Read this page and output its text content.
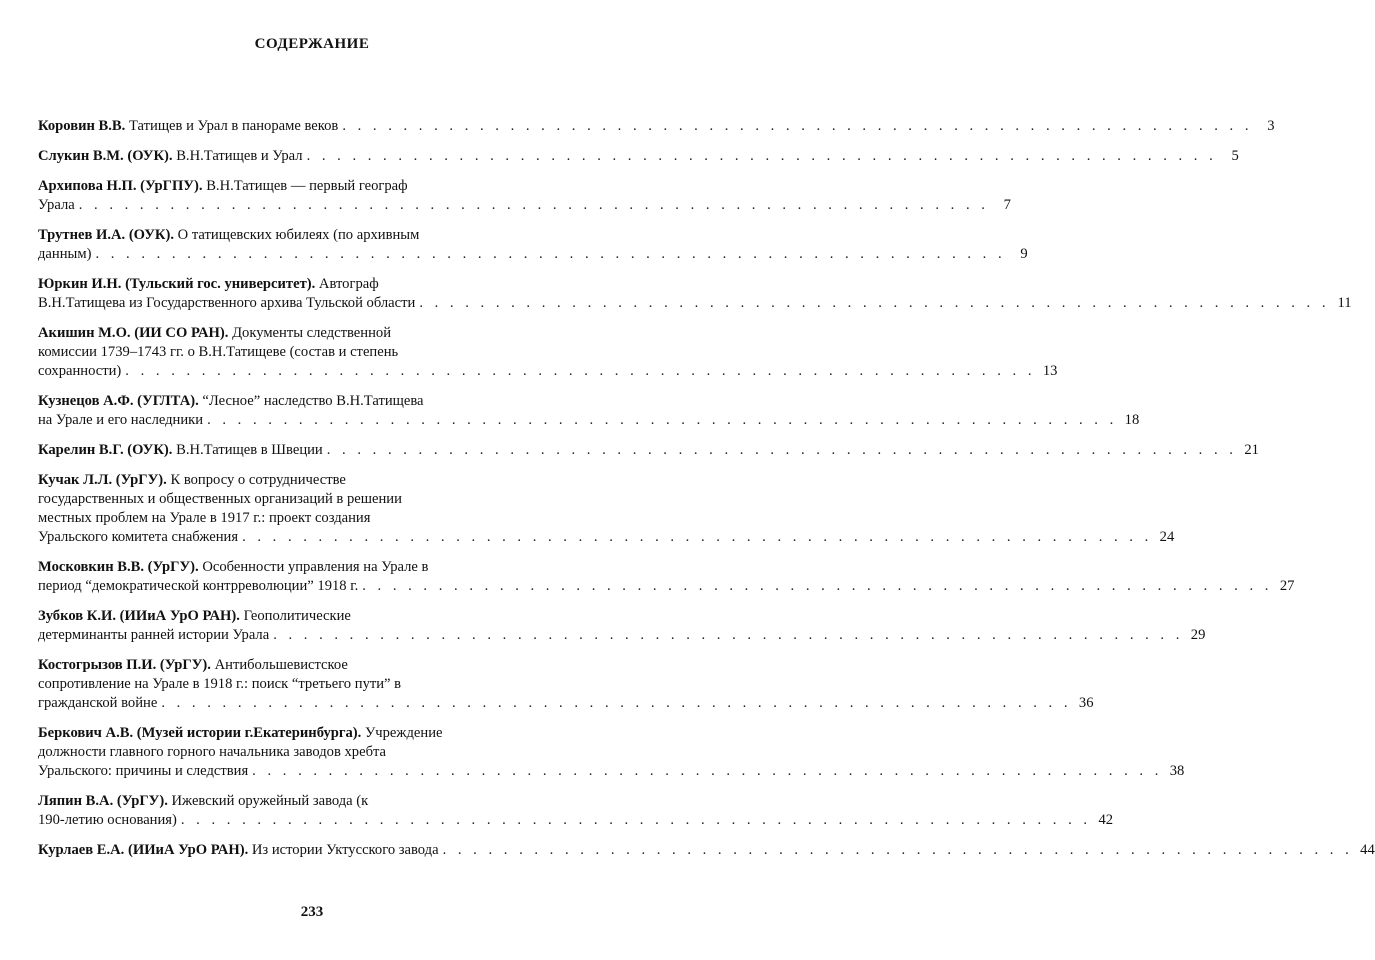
СОДЕРЖАНИЕ
Коровин В.В. Татищев и Урал в панораме веков . . . . . . . . . . . . . . . . . . . . . . . . . . . . . . . . . . . . . . . . . . . . . . . . . . . . . . . . . . . .	3
Слукин В.М. (ОУК). В.Н.Татищев и Урал . . . . . . . . . . . . . . . . . . . . . . . . . . . . . . . . . . . . . . . . . . . . . . . . . . . . . . . . . . . .	5
Архипова Н.П. (УрГПУ). В.Н.Татищев — первый географ
Урала . . . . . . . . . . . . . . . . . . . . . . . . . . . . . . . . . . . . . . . . . . . . . . . . . . . . . . . . . . . .	7
Трутнев И.А. (ОУК). О татищевских юбилеях (по архивным
данным) . . . . . . . . . . . . . . . . . . . . . . . . . . . . . . . . . . . . . . . . . . . . . . . . . . . . . . . . . . . .	9
Юркин И.Н. (Тульский гос. университет). Автограф
В.Н.Татищева из Государственного архива Тульской области . . . . . . . . . . . . . . . . . . . . . . . . . . . . . . . . . . . . . . . . . . . . . . . . . . . . . . . . . . . . 11
Акишин М.О. (ИИ СО РАН). Документы следственной
комиссии 1739–1743 гг. о В.Н.Татищеве (состав и степень
сохранности) . . . . . . . . . . . . . . . . . . . . . . . . . . . . . . . . . . . . . . . . . . . . . . . . . . . . . . . . . . . . 13
Кузнецов А.Ф. (УГЛТА). “Лесное” наследство В.Н.Татищева
на Урале и его наследники . . . . . . . . . . . . . . . . . . . . . . . . . . . . . . . . . . . . . . . . . . . . . . . . . . . . . . . . . . . . 18
Карелин В.Г. (ОУК). В.Н.Татищев в Швеции . . . . . . . . . . . . . . . . . . . . . . . . . . . . . . . . . . . . . . . . . . . . . . . . . . . . . . . . . . . . 21
Кучак Л.Л. (УрГУ). К вопросу о сотрудничестве
государственных и общественных организаций в решении
местных проблем на Урале в 1917 г.: проект создания
Уральского комитета снабжения . . . . . . . . . . . . . . . . . . . . . . . . . . . . . . . . . . . . . . . . . . . . . . . . . . . . . . . . . . . . 24
Московкин В.В. (УрГУ). Особенности управления на Урале в
период “демократической контрреволюции” 1918 г. . . . . . . . . . . . . . . . . . . . . . . . . . . . . . . . . . . . . . . . . . . . . . . . . . . . . . . . . . . . . 27
Зубков К.И. (ИИиА УрО РАН). Геополитические
детерминанты ранней истории Урала . . . . . . . . . . . . . . . . . . . . . . . . . . . . . . . . . . . . . . . . . . . . . . . . . . . . . . . . . . . . 29
Костогрызов П.И. (УрГУ). Антибольшевистское
сопротивление на Урале в 1918 г.: поиск “третьего пути” в
гражданской войне . . . . . . . . . . . . . . . . . . . . . . . . . . . . . . . . . . . . . . . . . . . . . . . . . . . . . . . . . . . . 36
Беркович А.В. (Музей истории г.Екатеринбурга). Учреждение
должности главного горного начальника заводов хребта
Уральского: причины и следствия . . . . . . . . . . . . . . . . . . . . . . . . . . . . . . . . . . . . . . . . . . . . . . . . . . . . . . . . . . . . 38
Ляпин В.А. (УрГУ). Ижевский оружейный завода (к
190-летию основания) . . . . . . . . . . . . . . . . . . . . . . . . . . . . . . . . . . . . . . . . . . . . . . . . . . . . . . . . . . . . 42
Курлаев Е.А. (ИИиА УрО РАН). Из истории Уктусского завода . . . . . . . . . . . . . . . . . . . . . . . . . . . . . . . . . . . . . . . . . . . . . . . . . . . . . . . . . . . . 44
233
